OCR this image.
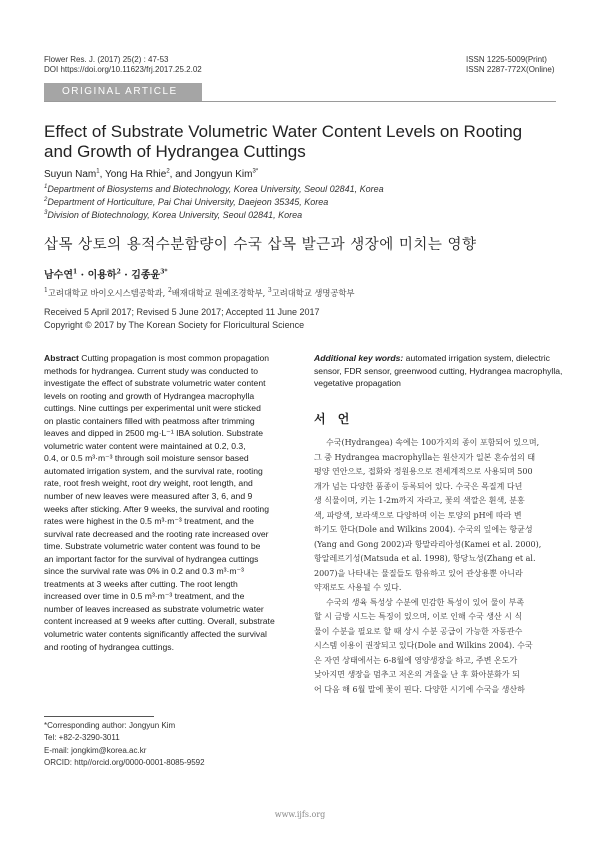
Flower Res. J. (2017) 25(2) : 47-53
DOI https://doi.org/10.11623/frj.2017.25.2.02
ISSN 1225-5009(Print)
ISSN 2287-772X(Online)
ORIGINAL ARTICLE
Effect of Substrate Volumetric Water Content Levels on Rooting
and Growth of Hydrangea Cuttings
Suyun Nam$^1$, Yong Ha Rhie$^2$, and Jongyun Kim$^{3*}$
$^1$Department of Biosystems and Biotechnology, Korea University, Seoul 02841, Korea
$^2$Department of Horticulture, Pai Chai University, Daejeon 35345, Korea
$^3$Division of Biotechnology, Korea University, Seoul 02841, Korea
삽목 상토의 용적수분함량이 수국 삽목 발근과 생장에 미치는 영향
남수연$^1$ · 이용하$^2$ · 김종윤$^{3*}$
$^1$고려대학교 바이오시스템공학과, $^2$배재대학교 원예조경학부, $^3$고려대학교 생명공학부
Received 5 April 2017; Revised 5 June 2017; Accepted 11 June 2017
Copyright © 2017 by The Korean Society for Floricultural Science
Abstract Cutting propagation is most common propagation
methods for hydrangea. Current study was conducted to
investigate the effect of substrate volumetric water content
levels on rooting and growth of Hydrangea macrophylla
cuttings. Nine cuttings per experimental unit were sticked
on plastic containers filled with peatmoss after trimming
leaves and dipped in 2500 mg·L⁻¹ IBA solution. Substrate
volumetric water content were maintained at 0.2, 0.3,
0.4, or 0.5 m³·m⁻³ through soil moisture sensor based
automated irrigation system, and the survival rate, rooting
rate, root fresh weight, root dry weight, root length, and
number of new leaves were measured after 3, 6, and 9
weeks after sticking. After 9 weeks, the survival and rooting
rates were highest in the 0.5 m³·m⁻³ treatment, and the
survival rate decreased and the rooting rate increased over
time. Substrate volumetric water content was found to be
an important factor for the survival of hydrangea cuttings
since the survival rate was 0% in 0.2 and 0.3 m³·m⁻³
treatments at 3 weeks after cutting. The root length
increased over time in 0.5 m³·m⁻³ treatment, and the
number of leaves increased as substrate volumetric water
content increased at 9 weeks after cutting. Overall, substrate
volumetric water contents significantly affected the survival
and rooting of hydrangea cuttings.
Additional key words: automated irrigation system, dielectric
sensor, FDR sensor, greenwood cutting, Hydrangea macrophylla,
vegetative propagation
서 언
수국(Hydrangea) 속에는 100가지의 종이 포함되어 있으며,
그 중 Hydrangea macrophylla는 원산지가 일본 혼슈섬의 태
평양 연안으로, 접화와 정원용으로 전세계적으로 사용되며 500
개가 넘는 다양한 품종이 등록되어 있다. 수국은 목질계 다년
생 식물이며, 키는 1-2m까지 자라고, 꽃의 색깔은 흰색, 분홍
색, 파랑색, 보라색으로 다양하며 이는 토양의 pH에 따라 변
하기도 한다(Dole and Wilkins 2004). 수국의 잎에는 항균성
(Yang and Gong 2002)과 항말라리아성(Kamei et al. 2000),
항알레르기성(Matsuda et al. 1998), 항당뇨성(Zhang et al.
2007)을 나타내는 물질들도 함유하고 있어 관상용뿐 아니라
약재로도 사용될 수 있다.
수국의 생육 특성상 수분에 민감한 특성이 있어 물이 부족
할 시 금방 시드는 특징이 있으며, 이로 인해 수국 생산 시 식
물이 수분을 필요로 할 때 상시 수분 공급이 가능한 자동관수
시스템 이용이 권장되고 있다(Dole and Wilkins 2004). 수국
은 자연 상태에서는 6-8월에 영양생장을 하고, 주변 온도가
낮아지면 생장을 멈추고 저온의 겨울을 난 후 화아분화가 되
어 다음 해 6월 말에 꽃이 핀다. 다양한 시기에 수국을 생산하
*Corresponding author: Jongyun Kim
Tel: +82-2-3290-3011
E-mail: jongkim@korea.ac.kr
ORCID: http//orcid.org/0000-0001-8085-9592
www.ijfs.org
